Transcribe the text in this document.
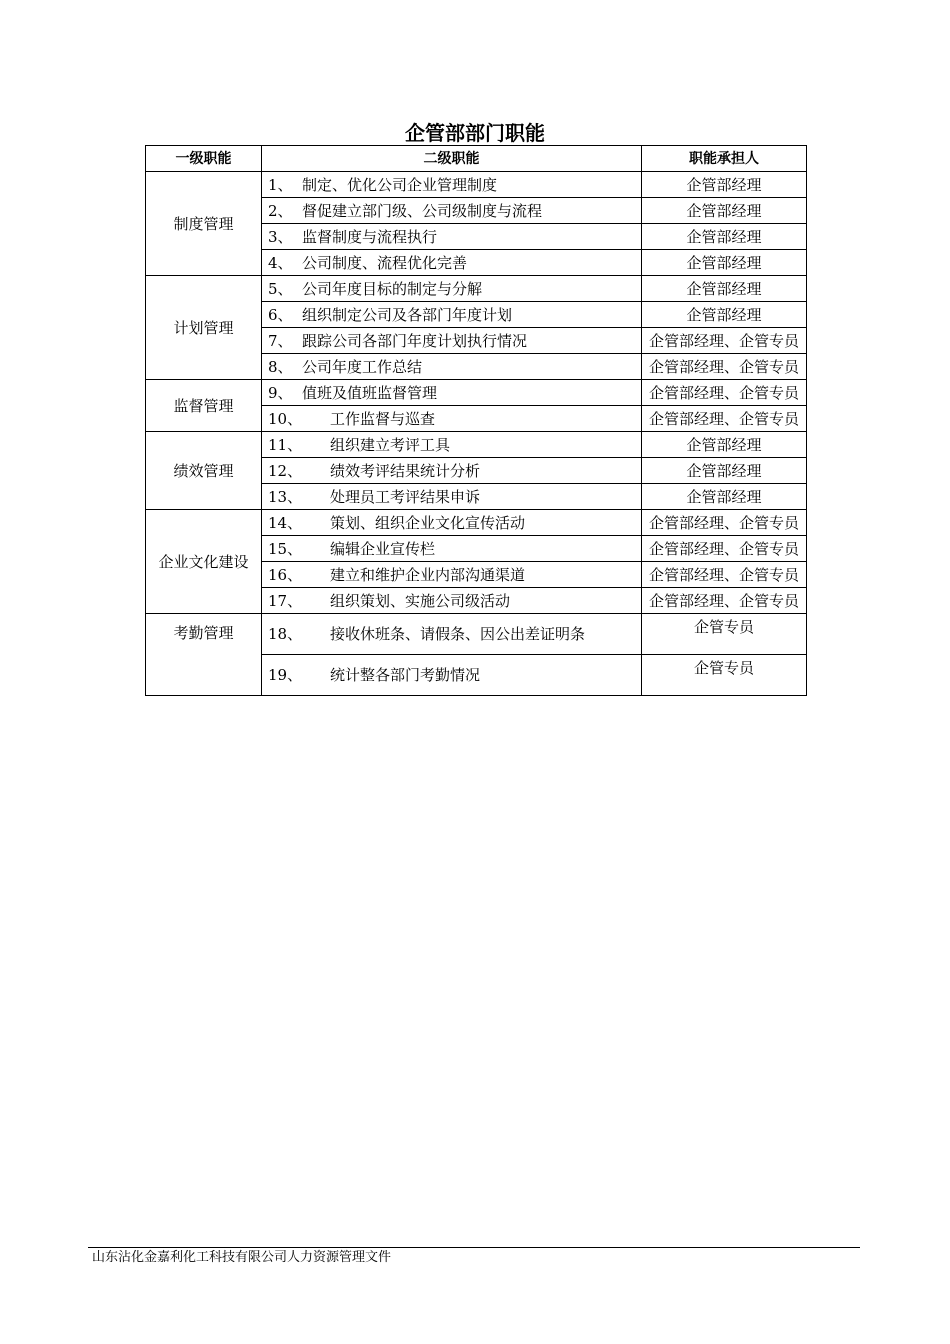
企管部部门职能
一级职能	二级职能	职能承担人
制度管理	1、 制定、优化公司企业管理制度	企管部经理
	2、 督促建立部门级、公司级制度与流程	企管部经理
	3、 监督制度与流程执行	企管部经理
	4、 公司制度、流程优化完善	企管部经理
计划管理	5、 公司年度目标的制定与分解	企管部经理
	6、 组织制定公司及各部门年度计划	企管部经理
	7、 跟踪公司各部门年度计划执行情况	企管部经理、企管专员
	8、 公司年度工作总结	企管部经理、企管专员
监督管理	9、 值班及值班监督管理	企管部经理、企管专员
	10、 工作监督与巡查	企管部经理、企管专员
绩效管理	11、 组织建立考评工具	企管部经理
	12、 绩效考评结果统计分析	企管部经理
	13、 处理员工考评结果申诉	企管部经理
企业文化建设	14、 策划、组织企业文化宣传活动	企管部经理、企管专员
	15、 编辑企业宣传栏	企管部经理、企管专员
	16、 建立和维护企业内部沟通渠道	企管部经理、企管专员
	17、 组织策划、实施公司级活动	企管部经理、企管专员
考勤管理	18、 接收休班条、请假条、因公出差证明条	企管专员
	19、 统计整各部门考勤情况	企管专员
山东沾化金嘉利化工科技有限公司人力资源管理文件
